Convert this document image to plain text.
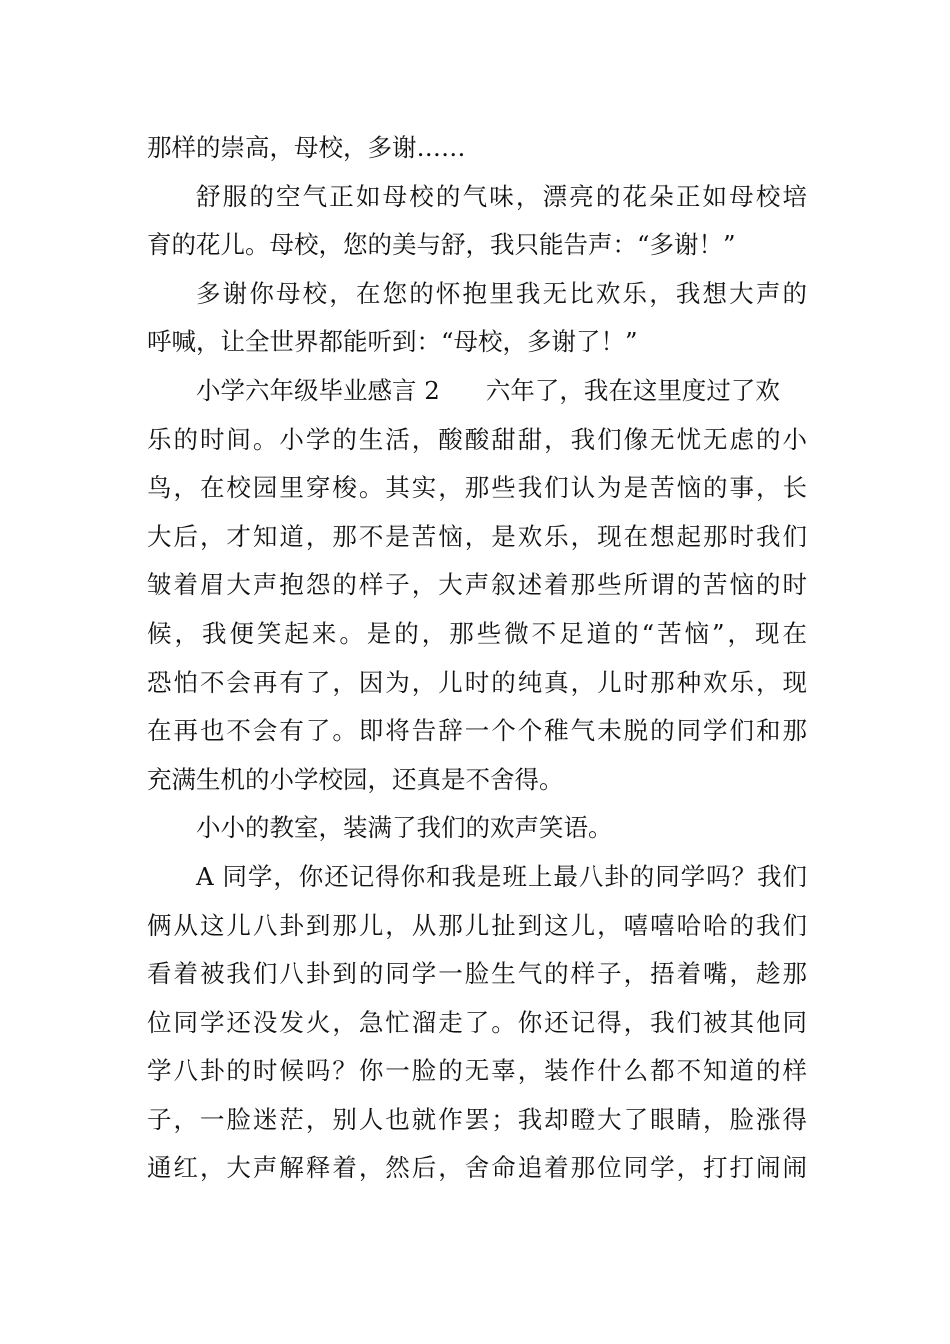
那样的崇高，母校，多谢……
舒服的空气正如母校的气味，漂亮的花朵正如母校培
育的花儿。母校，您的美与舒，我只能告声：“多谢！”
多谢你母校，在您的怀抱里我无比欢乐，我想大声的
呼喊，让全世界都能听到：“母校，多谢了！”
小学六年级毕业感言 2 六年了，我在这里度过了欢
乐的时间。小学的生活，酸酸甜甜，我们像无忧无虑的小
鸟，在校园里穿梭。其实，那些我们认为是苦恼的事，长
大后，才知道，那不是苦恼，是欢乐，现在想起那时我们
皱着眉大声抱怨的样子，大声叙述着那些所谓的苦恼的时
候，我便笑起来。是的，那些微不足道的“苦恼”，现在
恐怕不会再有了，因为，儿时的纯真，儿时那种欢乐，现
在再也不会有了。即将告辞一个个稚气未脱的同学们和那
充满生机的小学校园，还真是不舍得。
小小的教室，装满了我们的欢声笑语。
A 同学，你还记得你和我是班上最八卦的同学吗？我们
俩从这儿八卦到那儿，从那儿扯到这儿，嘻嘻哈哈的我们
看着被我们八卦到的同学一脸生气的样子，捂着嘴，趁那
位同学还没发火，急忙溜走了。你还记得，我们被其他同
学八卦的时候吗？你一脸的无辜，装作什么都不知道的样
子，一脸迷茫，别人也就作罢；我却瞪大了眼睛，脸涨得
通红，大声解释着，然后，舍命追着那位同学，打打闹闹
